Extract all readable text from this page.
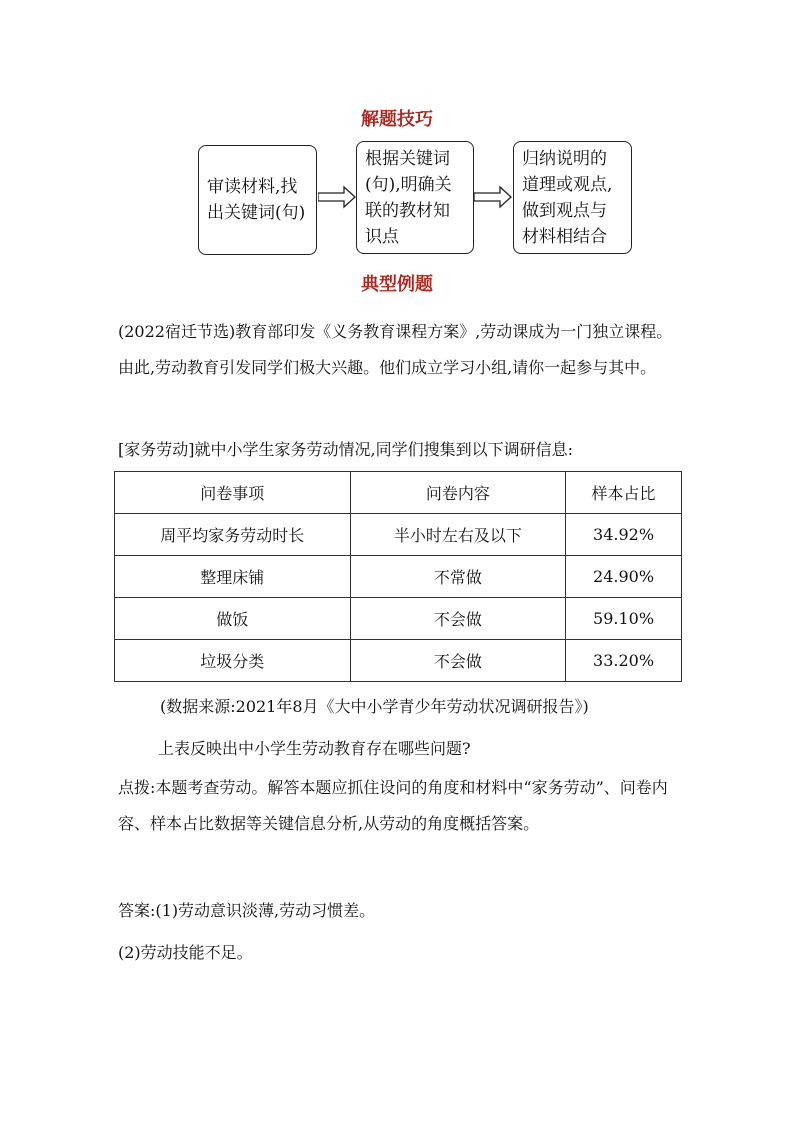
解题技巧
审读材料,找出关键词(句)
根据关键词(句),明确关联的教材知识点
归纳说明的道理或观点,做到观点与材料相结合
典型例题

(2022宿迁节选)教育部印发《义务教育课程方案》,劳动课成为一门独立课程。由此,劳动教育引发同学们极大兴趣。他们成立学习小组,请你一起参与其中。

[家务劳动]就中小学生家务劳动情况,同学们搜集到以下调研信息:

问卷事项	问卷内容	样本占比
周平均家务劳动时长	半小时左右及以下	34.92%
整理床铺	不常做	24.90%
做饭	不会做	59.10%
垃圾分类	不会做	33.20%

(数据来源:2021年8月《大中小学青少年劳动状况调研报告》)

上表反映出中小学生劳动教育存在哪些问题?

点拨:本题考查劳动。解答本题应抓住设问的角度和材料中“家务劳动”、问卷内容、样本占比数据等关键信息分析,从劳动的角度概括答案。

答案:(1)劳动意识淡薄,劳动习惯差。

(2)劳动技能不足。
